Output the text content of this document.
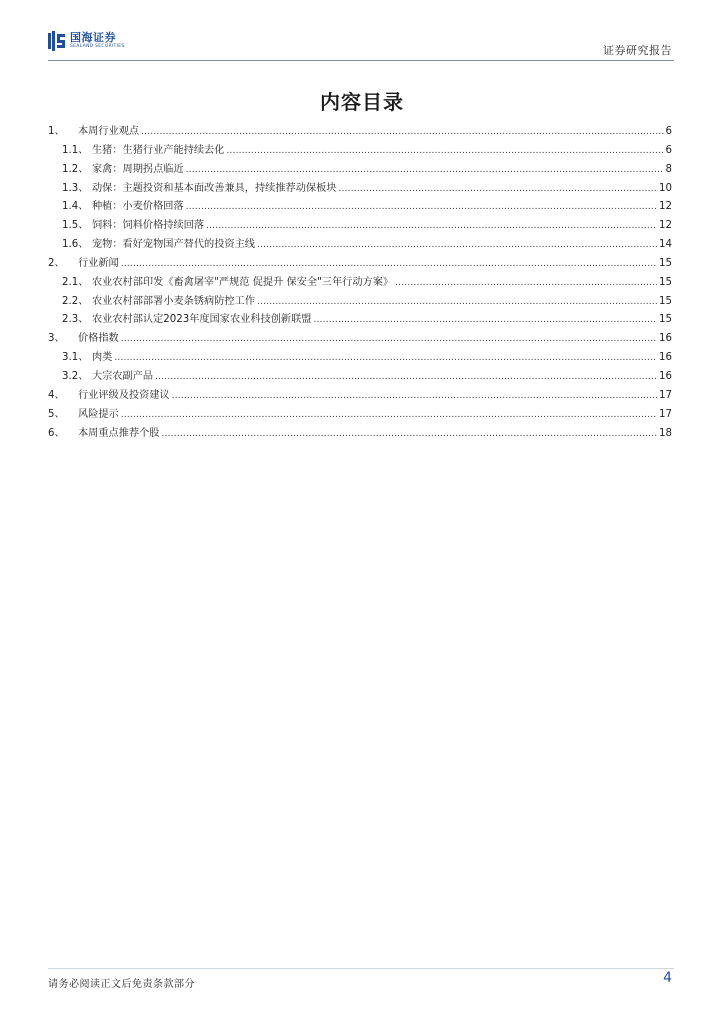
国海证券
SEALAND SECURITIES	证券研究报告
内容目录
1、	本周行业观点 .....	6
1.1、 生猪：生猪行业产能持续去化 .....	6
1.2、 家禽：周期拐点临近 .....	8
1.3、 动保：主题投资和基本面改善兼具，持续推荐动保板块 .....	10
1.4、 种植：小麦价格回落 .....	12
1.5、 饲料：饲料价格持续回落 .....	12
1.6、 宠物：看好宠物国产替代的投资主线 .....	14
2、	行业新闻 .....	15
2.1、 农业农村部印发《畜禽屠宰"严规范 促提升 保安全"三年行动方案》 .....	15
2.2、 农业农村部部署小麦条锈病防控工作 .....	15
2.3、 农业农村部认定2023年度国家农业科技创新联盟 .....	15
3、	价格指数 .....	16
3.1、 肉类 .....	16
3.2、 大宗农副产品 .....	16
4、	行业评级及投资建议 .....	17
5、	风险提示 .....	17
6、	本周重点推荐个股 .....	18
请务必阅读正文后免责条款部分	4
